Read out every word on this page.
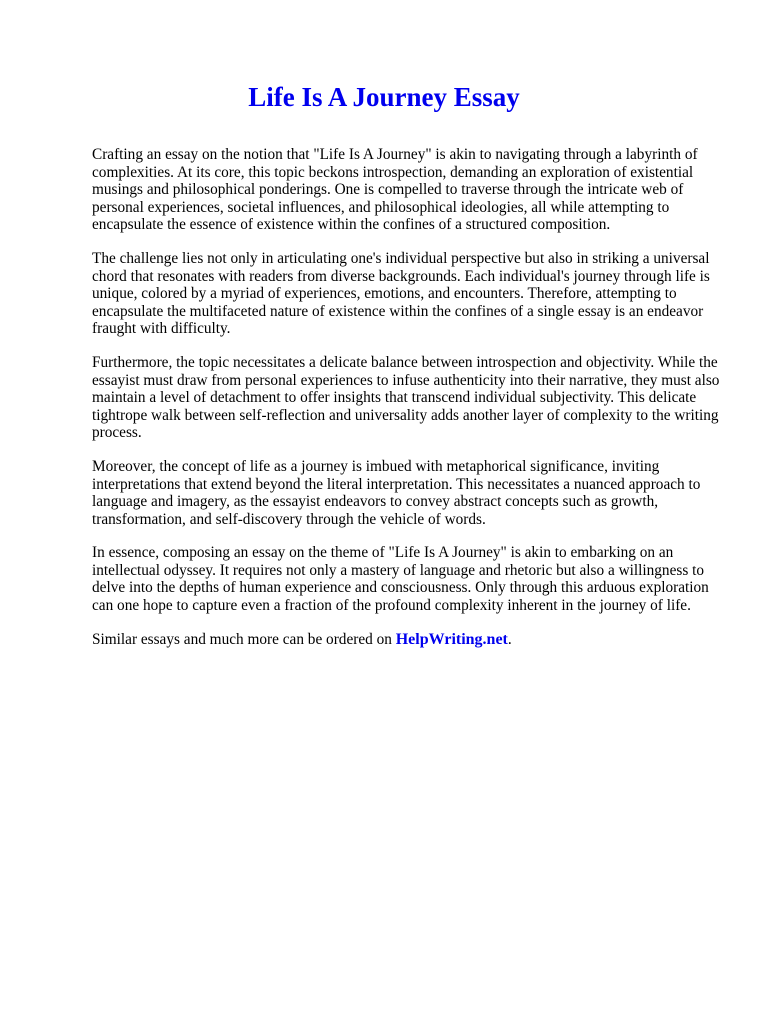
Life Is A Journey Essay

Crafting an essay on the notion that "Life Is A Journey" is akin to navigating through a labyrinth of complexities. At its core, this topic beckons introspection, demanding an exploration of existential musings and philosophical ponderings. One is compelled to traverse through the intricate web of personal experiences, societal influences, and philosophical ideologies, all while attempting to encapsulate the essence of existence within the confines of a structured composition.

The challenge lies not only in articulating one's individual perspective but also in striking a universal chord that resonates with readers from diverse backgrounds. Each individual's journey through life is unique, colored by a myriad of experiences, emotions, and encounters. Therefore, attempting to encapsulate the multifaceted nature of existence within the confines of a single essay is an endeavor fraught with difficulty.

Furthermore, the topic necessitates a delicate balance between introspection and objectivity. While the essayist must draw from personal experiences to infuse authenticity into their narrative, they must also maintain a level of detachment to offer insights that transcend individual subjectivity. This delicate tightrope walk between self-reflection and universality adds another layer of complexity to the writing process.

Moreover, the concept of life as a journey is imbued with metaphorical significance, inviting interpretations that extend beyond the literal interpretation. This necessitates a nuanced approach to language and imagery, as the essayist endeavors to convey abstract concepts such as growth, transformation, and self-discovery through the vehicle of words.

In essence, composing an essay on the theme of "Life Is A Journey" is akin to embarking on an intellectual odyssey. It requires not only a mastery of language and rhetoric but also a willingness to delve into the depths of human experience and consciousness. Only through this arduous exploration can one hope to capture even a fraction of the profound complexity inherent in the journey of life.

Similar essays and much more can be ordered on HelpWriting.net.
